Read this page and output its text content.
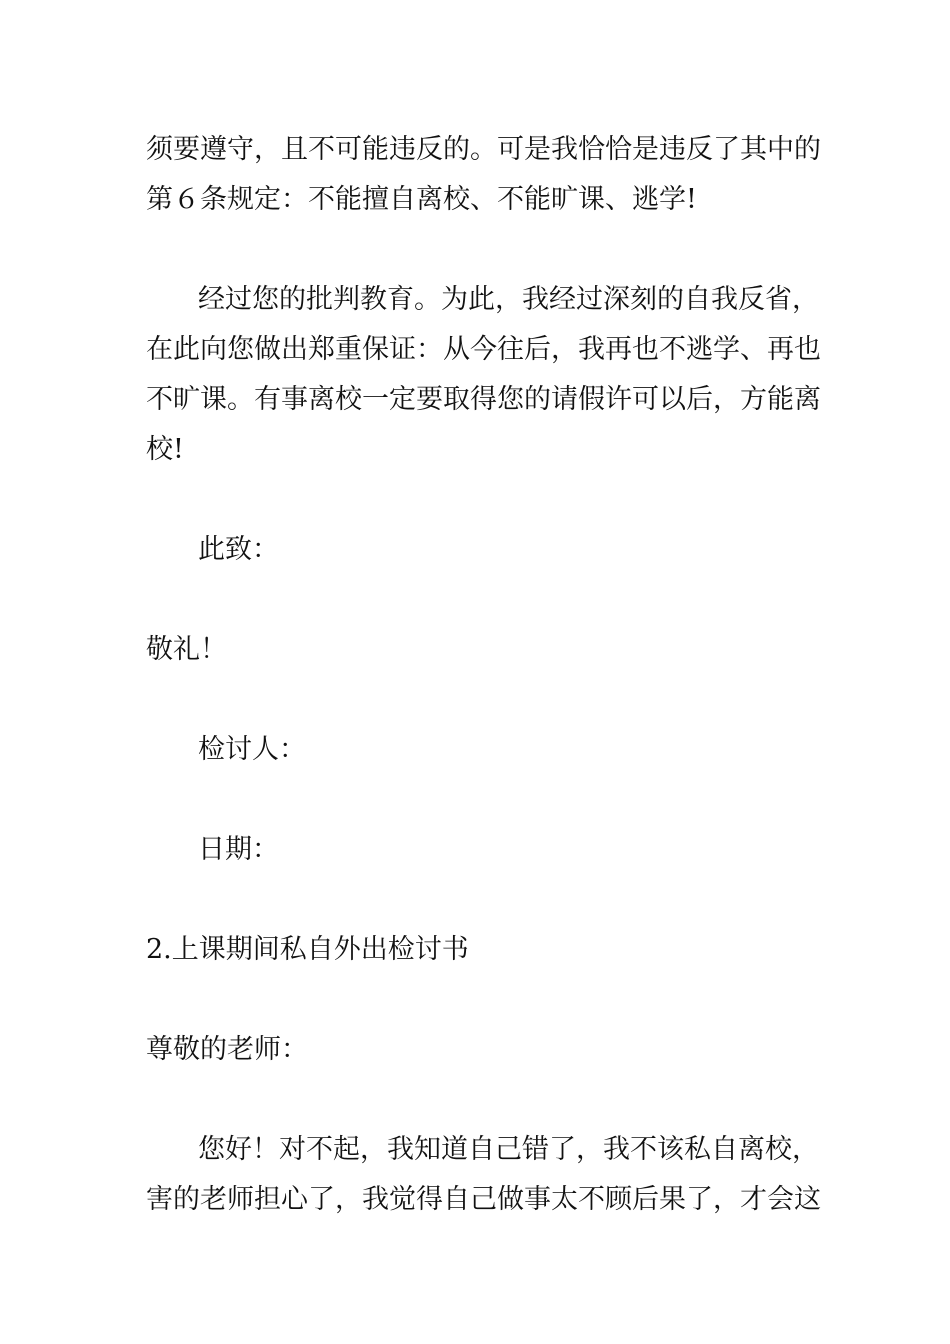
须要遵守，且不可能违反的。可是我恰恰是违反了其中的
第６条规定：不能擅自离校、不能旷课、逃学!
经过您的批判教育。为此，我经过深刻的自我反省，
在此向您做出郑重保证：从今往后，我再也不逃学、再也
不旷课。有事离校一定要取得您的请假许可以后，方能离
校!
此致：
敬礼！
检讨人：
日期：
2.上课期间私自外出检讨书
尊敬的老师：
您好！对不起，我知道自己错了，我不该私自离校，
害的老师担心了，我觉得自己做事太不顾后果了，才会这
